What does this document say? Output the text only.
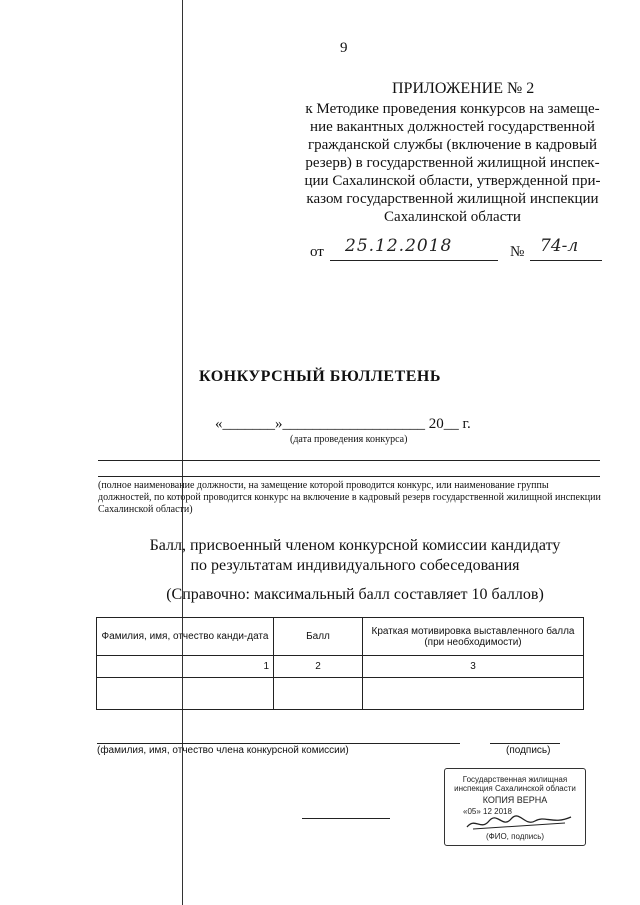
9
ПРИЛОЖЕНИЕ № 2
к Методике проведения конкурсов на замеще-
ние вакантных должностей государственной
гражданской службы (включение в кадровый
резерв) в государственной жилищной инспек-
ции Сахалинской области, утвержденной при-
казом государственной жилищной инспекции
Сахалинской области
от 25.12.2018	№ 74-л
КОНКУРСНЫЙ БЮЛЛЕТЕНЬ
«_______»___________________ 20__ г.
(дата проведения конкурса)
(полное наименование должности, на замещение которой проводится конкурс, или наименование группы должностей, по которой проводится конкурс на включение в кадровый резерв государственной жилищной инспекции Сахалинской области)
Балл, присвоенный членом конкурсной комиссии кандидату
по результатам индивидуального собеседования
(Справочно: максимальный балл составляет 10 баллов)
Фамилия, имя, отчество канди-дата	Балл	Краткая мотивировка выставленного балла (при необходимости)
1	2	3

(фамилия, имя, отчество члена конкурсной комиссии)	(подпись)
Государственная жилищная
инспекция Сахалинской области
КОПИЯ ВЕРНА
«05» 12 2018
(ФИО, подпись)
